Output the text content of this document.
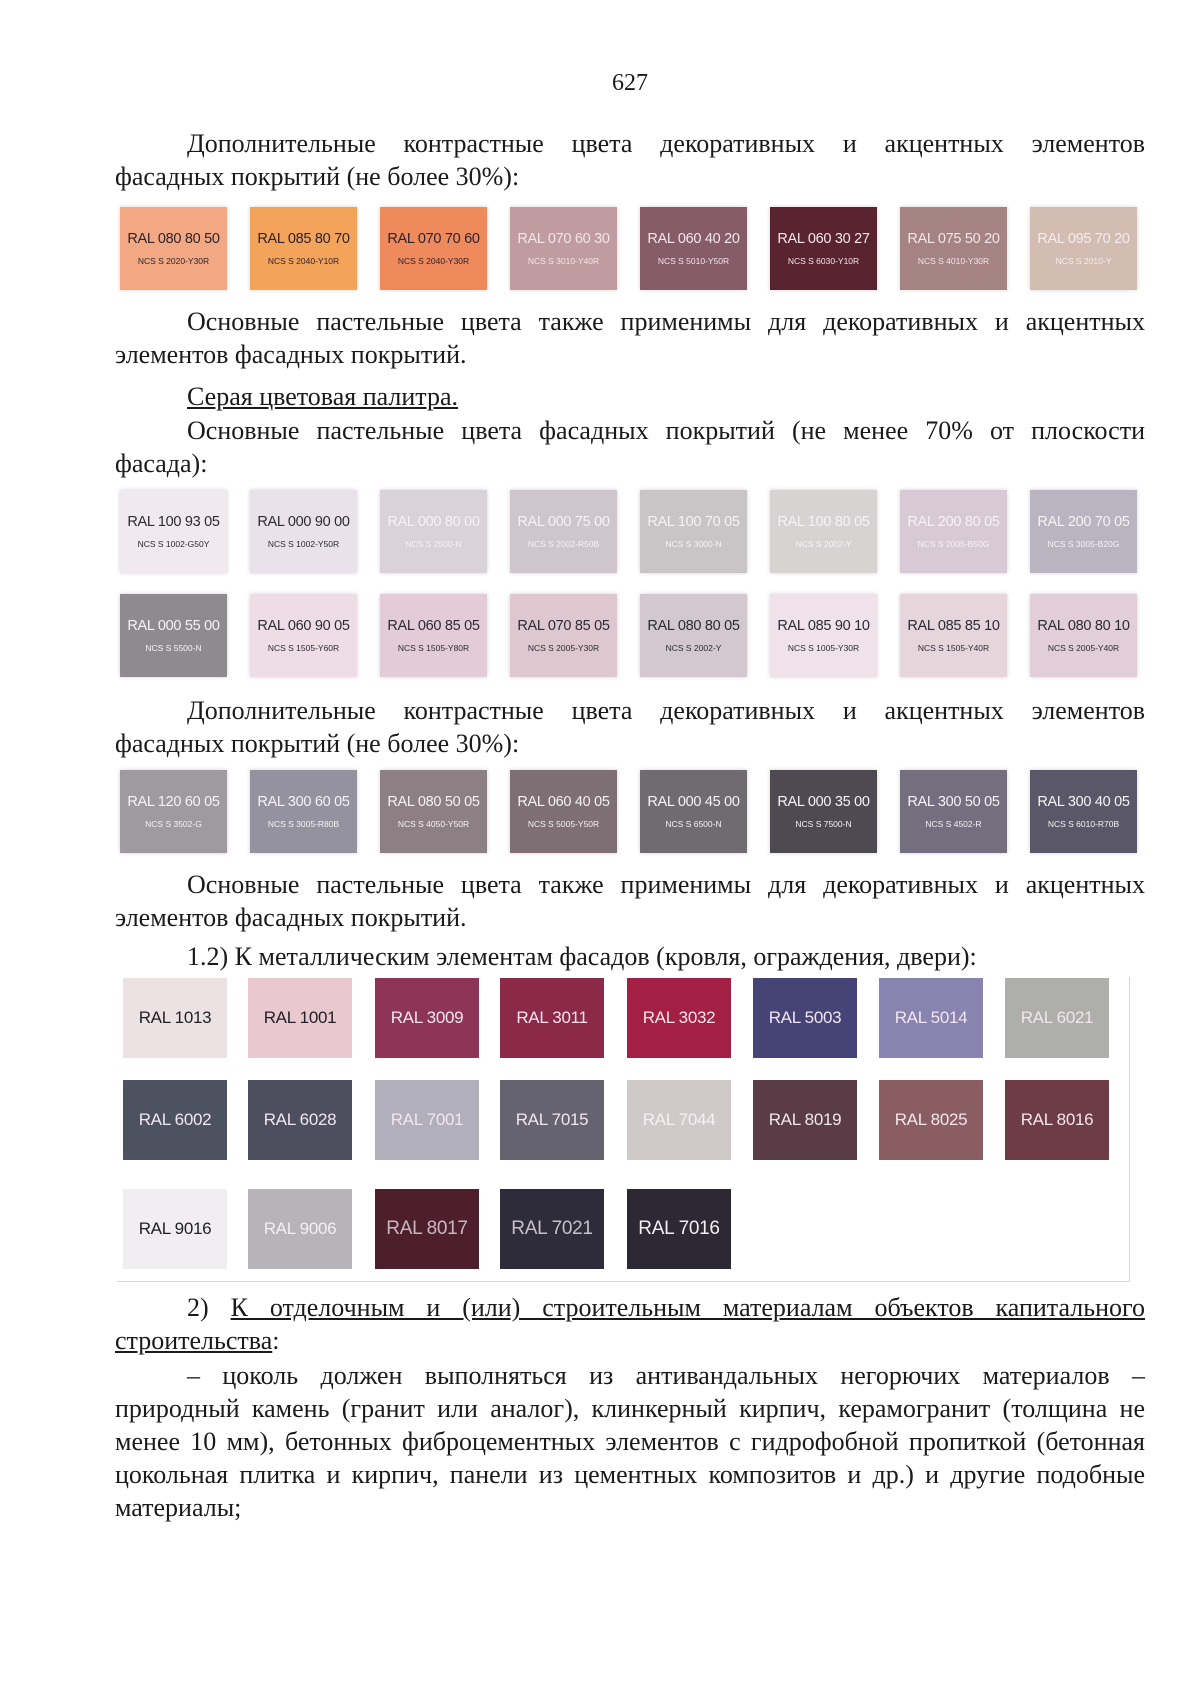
627

Дополнительные контрастные цвета декоративных и акцентных элементов

фасадных покрытий (не более 30%):

RAL 080 80 50
NCS S 2020-Y30R
RAL 085 80 70
NCS S 2040-Y10R
RAL 070 70 60
NCS S 2040-Y30R
RAL 070 60 30
NCS S 3010-Y40R
RAL 060 40 20
NCS S 5010-Y50R
RAL 060 30 27
NCS S 6030-Y10R
RAL 075 50 20
NCS S 4010-Y30R
RAL 095 70 20
NCS S 2010-Y

Основные пастельные цвета также применимы для декоративных и акцентных элементов фасадных покрытий.

Серая цветовая палитра.

Основные пастельные цвета фасадных покрытий (не менее 70% от плоскости фасада):

RAL 100 93 05
NCS S 1002-G50Y
RAL 000 90 00
NCS S 1002-Y50R
RAL 000 80 00
NCS S 2500-N
RAL 000 75 00
NCS S 2002-R50B
RAL 100 70 05
NCS S 3000-N
RAL 100 80 05
NCS S 2002-Y
RAL 200 80 05
NCS S 2005-B50G
RAL 200 70 05
NCS S 3005-B20G
RAL 000 55 00
NCS S 5500-N
RAL 060 90 05
NCS S 1505-Y60R
RAL 060 85 05
NCS S 1505-Y80R
RAL 070 85 05
NCS S 2005-Y30R
RAL 080 80 05
NCS S 2002-Y
RAL 085 90 10
NCS S 1005-Y30R
RAL 085 85 10
NCS S 1505-Y40R
RAL 080 80 10
NCS S 2005-Y40R

Дополнительные контрастные цвета декоративных и акцентных элементов

фасадных покрытий (не более 30%):

RAL 120 60 05
NCS S 3502-G
RAL 300 60 05
NCS S 3005-R80B
RAL 080 50 05
NCS S 4050-Y50R
RAL 060 40 05
NCS S 5005-Y50R
RAL 000 45 00
NCS S 6500-N
RAL 000 35 00
NCS S 7500-N
RAL 300 50 05
NCS S 4502-R
RAL 300 40 05
NCS S 6010-R70B

Основные пастельные цвета также применимы для декоративных и акцентных элементов фасадных покрытий.

1.2) К металлическим элементам фасадов (кровля, ограждения, двери):

RAL 1013	RAL 1001	RAL 3009	RAL 3011	RAL 3032	RAL 5003	RAL 5014	RAL 6021
RAL 6002	RAL 6028	RAL 7001	RAL 7015	RAL 7044	RAL 8019	RAL 8025	RAL 8016
RAL 9016	RAL 9006	RAL 8017	RAL 7021	RAL 7016

2) К отделочным и (или) строительным материалам объектов капитального строительства:

– цоколь должен выполняться из антивандальных негорючих материалов – природный камень (гранит или аналог), клинкерный кирпич, керамогранит (толщина не менее 10 мм), бетонных фиброцементных элементов с гидрофобной пропиткой (бетонная цокольная плитка и кирпич, панели из цементных композитов и др.) и другие подобные материалы;
